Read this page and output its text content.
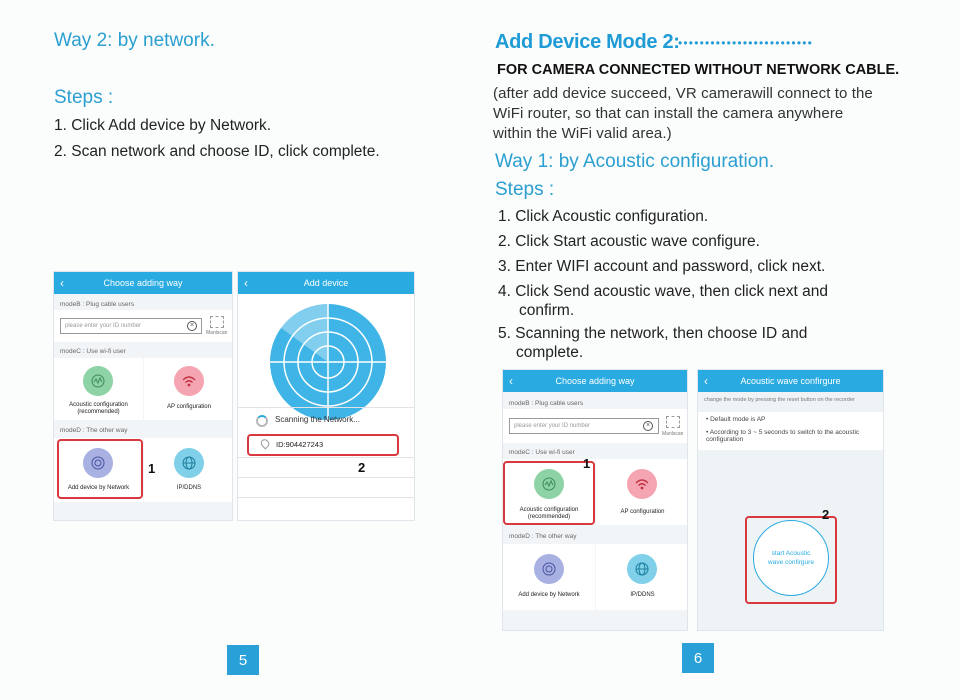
Way 2: by network.
Steps :
1. Click Add device by Network.
2. Scan network and choose ID, click complete.
‹	Choose adding way
modeB : Plug cable users
please enter your ID number	×
Manlscan
modeC : Use wi-fi user
Acoustic configuration
(recommended)
AP configuration
modeD : The other way
Add device by Network	IP/DDNS
1
‹	Add device
Scanning the Network...
ID:904427243
2
5
Add Device Mode 2:
•••••••••••••••••••••••••
FOR CAMERA CONNECTED WITHOUT NETWORK CABLE.
(after add device succeed, VR camerawill connect to the
WiFi router, so that can install the camera anywhere
within the WiFi valid area.)
Way 1: by Acoustic configuration.
Steps :
1. Click Acoustic configuration.
2. Click Start acoustic wave configure.
3. Enter WIFI account and password, click next.
4. Click Send acoustic wave, then click next and
confirm.
5. Scanning the network, then choose ID and
complete.
‹	Choose adding way
modeB : Plug cable users
please enter your ID number	×
Manlscan
modeC : Use wi-fi user
Acoustic configuration
(recommended)
AP configuration
1
modeD : The other way
Add device by Network	IP/DDNS
‹	Acoustic wave confirgure
change the mode by pressing the reset button on the recorder
• Default mode is AP
• According to 3 ~ 5 seconds to switch to the acoustic configuration
start Acoustic
wave confirgure
2
6
